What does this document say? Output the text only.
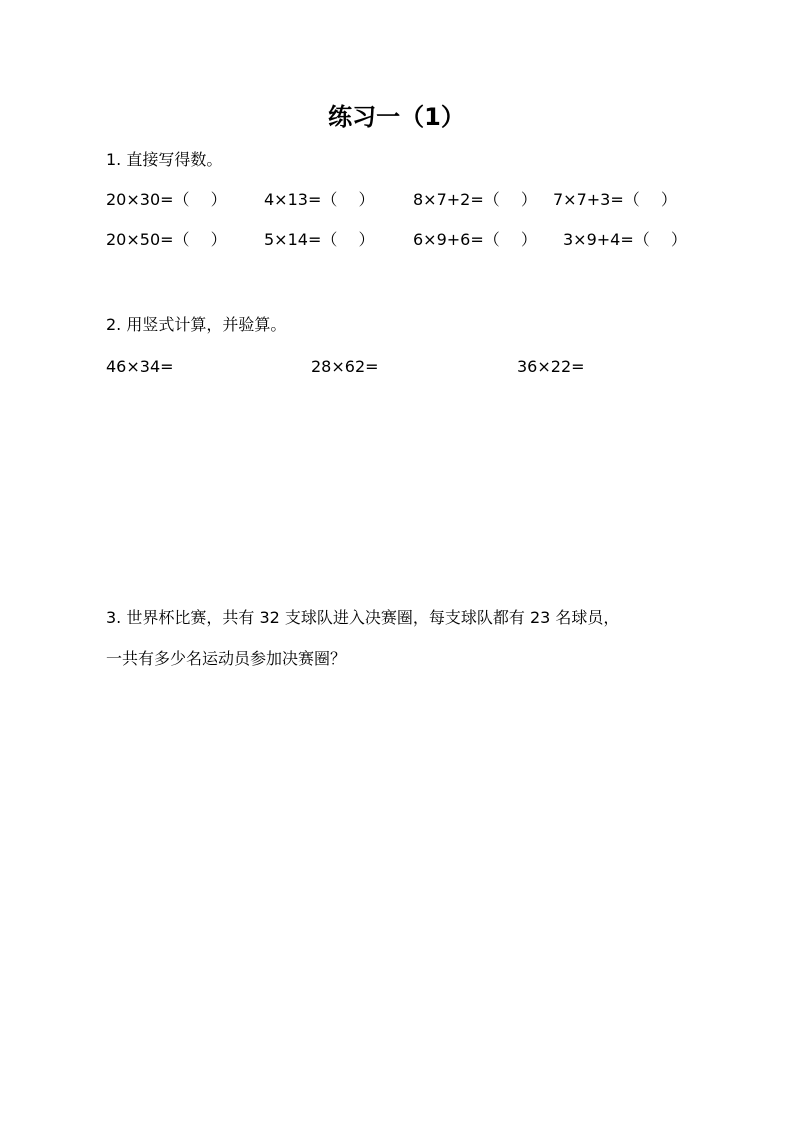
练习一（1）
1. 直接写得数。
20×30=（　 ） 4×13=（　 ） 8×7+2=（　 ） 7×7+3=（　 ）
20×50=（　 ） 5×14=（　 ） 6×9+6=（　 ） 3×9+4=（　 ）
2. 用竖式计算，并验算。
46×34=	28×62=	36×22=
3. 世界杯比赛，共有 32 支球队进入决赛圈，每支球队都有 23 名球员，
一共有多少名运动员参加决赛圈？
